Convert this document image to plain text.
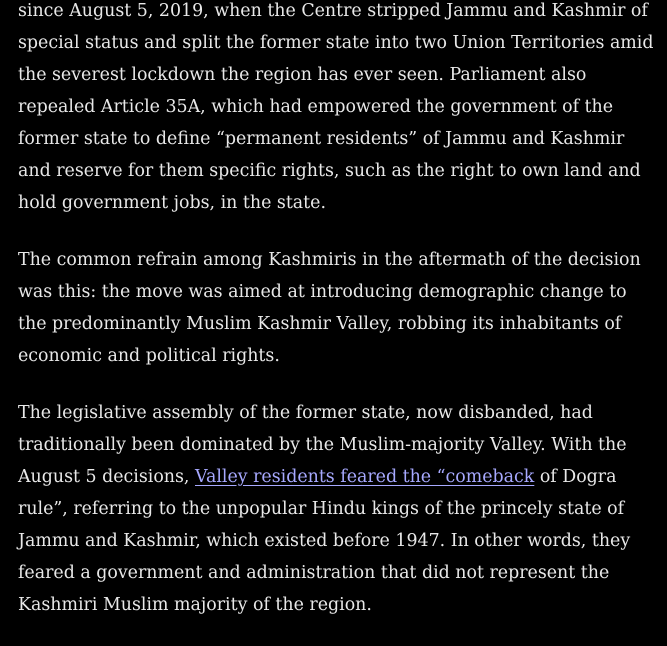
since August 5, 2019, when the Centre stripped Jammu and Kashmir of special status and split the former state into two Union Territories amid the severest lockdown the region has ever seen. Parliament also repealed Article 35A, which had empowered the government of the former state to define “permanent residents” of Jammu and Kashmir and reserve for them specific rights, such as the right to own land and hold government jobs, in the state.

The common refrain among Kashmiris in the aftermath of the decision was this: the move was aimed at introducing demographic change to the predominantly Muslim Kashmir Valley, robbing its inhabitants of economic and political rights.

The legislative assembly of the former state, now disbanded, had traditionally been dominated by the Muslim-majority Valley. With the August 5 decisions, Valley residents feared the “comeback of Dogra rule”, referring to the unpopular Hindu kings of the princely state of Jammu and Kashmir, which existed before 1947. In other words, they feared a government and administration that did not represent the Kashmiri Muslim majority of the region.
